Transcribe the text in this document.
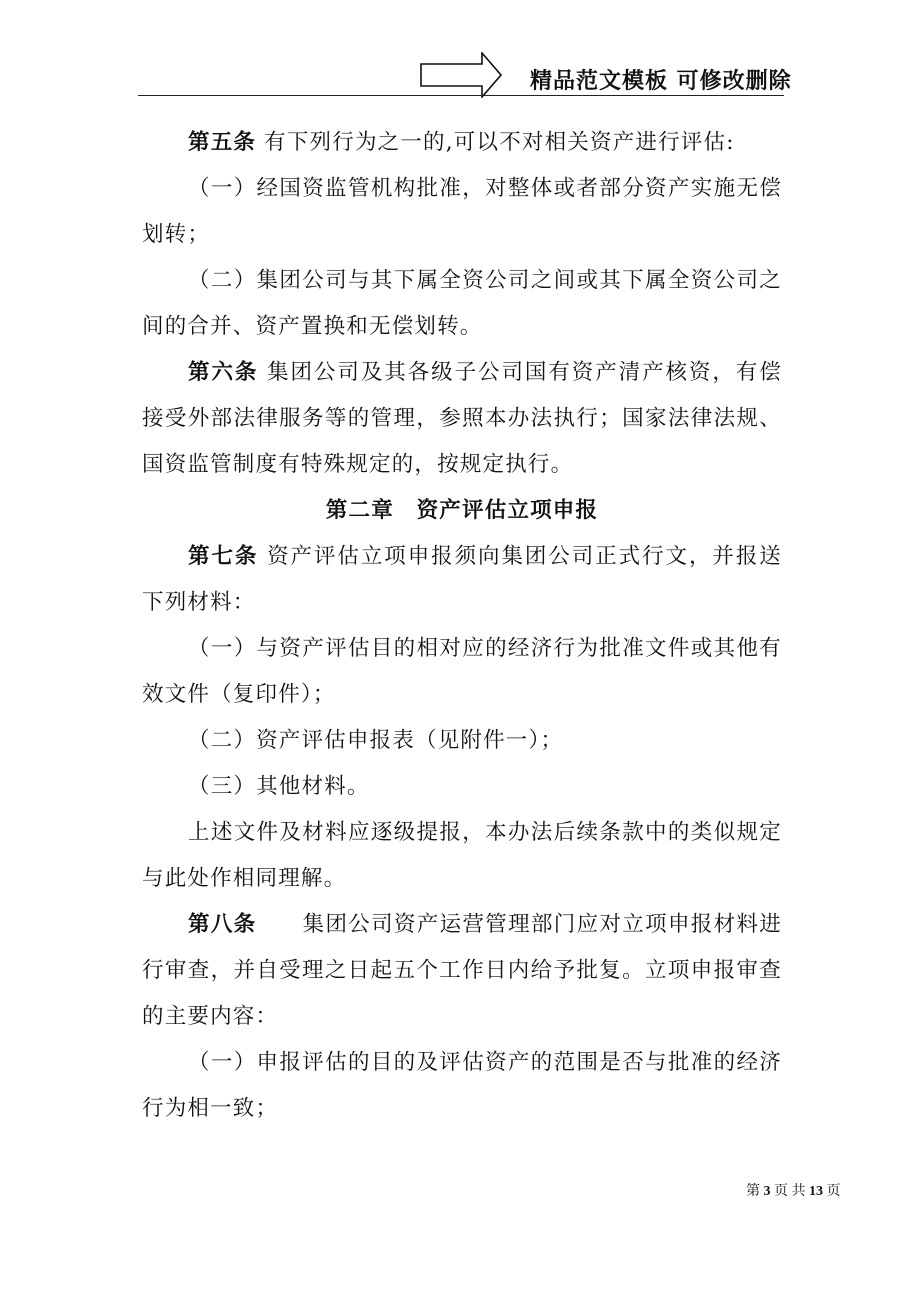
精品范文模板 可修改删除

第五条 有下列行为之一的,可以不对相关资产进行评估:

（一）经国资监管机构批准，对整体或者部分资产实施无偿划转；

（二）集团公司与其下属全资公司之间或其下属全资公司之间的合并、资产置换和无偿划转。

第六条 集团公司及其各级子公司国有资产清产核资，有偿接受外部法律服务等的管理，参照本办法执行；国家法律法规、国资监管制度有特殊规定的，按规定执行。

第二章　资产评估立项申报

第七条 资产评估立项申报须向集团公司正式行文，并报送下列材料：

（一）与资产评估目的相对应的经济行为批准文件或其他有效文件（复印件）；

（二）资产评估申报表（见附件一）；

（三）其他材料。

上述文件及材料应逐级提报，本办法后续条款中的类似规定与此处作相同理解。

第八条 集团公司资产运营管理部门应对立项申报材料进行审查，并自受理之日起五个工作日内给予批复。立项申报审查的主要内容：

（一）申报评估的目的及评估资产的范围是否与批准的经济行为相一致；

第 3 页 共 13 页
